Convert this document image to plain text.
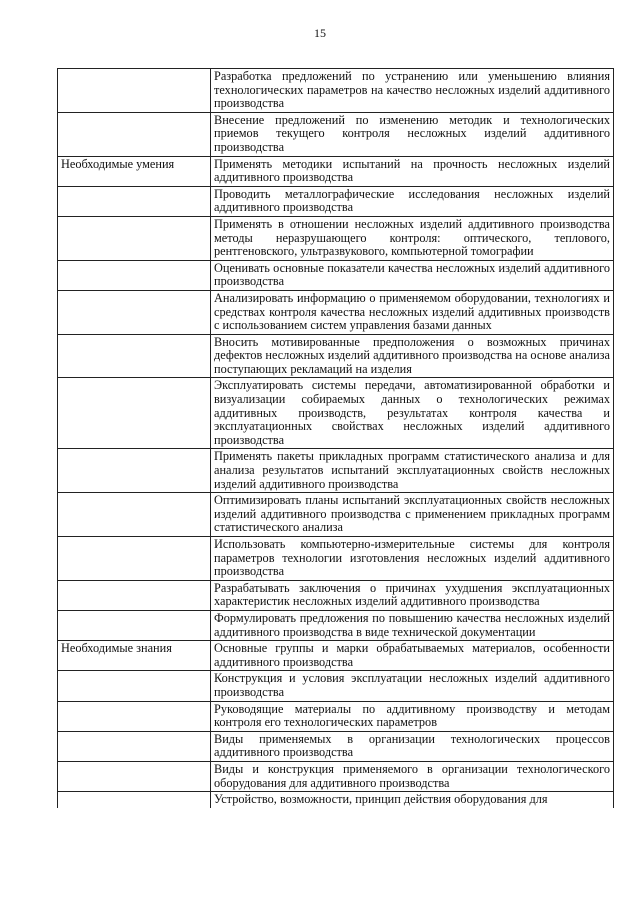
15
	Разработка предложений по устранению или уменьшению влияния технологических параметров на качество несложных изделий аддитивного производства
	Внесение предложений по изменению методик и технологических приемов текущего контроля несложных изделий аддитивного производства
Необходимые умения	Применять методики испытаний на прочность несложных изделий аддитивного производства
	Проводить металлографические исследования несложных изделий аддитивного производства
	Применять в отношении несложных изделий аддитивного производства методы неразрушающего контроля: оптического, теплового, рентгеновского, ультразвукового, компьютерной томографии
	Оценивать основные показатели качества несложных изделий аддитивного производства
	Анализировать информацию о применяемом оборудовании, технологиях и средствах контроля качества несложных изделий аддитивных производств с использованием систем управления базами данных
	Вносить мотивированные предположения о возможных причинах дефектов несложных изделий аддитивного производства на основе анализа поступающих рекламаций на изделия
	Эксплуатировать системы передачи, автоматизированной обработки и визуализации собираемых данных о технологических режимах аддитивных производств, результатах контроля качества и эксплуатационных свойствах несложных изделий аддитивного производства
	Применять пакеты прикладных программ статистического анализа и для анализа результатов испытаний эксплуатационных свойств несложных изделий аддитивного производства
	Оптимизировать планы испытаний эксплуатационных свойств несложных изделий аддитивного производства с применением прикладных программ статистического анализа
	Использовать компьютерно-измерительные системы для контроля параметров технологии изготовления несложных изделий аддитивного производства
	Разрабатывать заключения о причинах ухудшения эксплуатационных характеристик несложных изделий аддитивного производства
	Формулировать предложения по повышению качества несложных изделий аддитивного производства в виде технической документации
Необходимые знания	Основные группы и марки обрабатываемых материалов, особенности аддитивного производства
	Конструкция и условия эксплуатации несложных изделий аддитивного производства
	Руководящие материалы по аддитивному производству и методам контроля его технологических параметров
	Виды применяемых в организации технологических процессов аддитивного производства
	Виды и конструкция применяемого в организации технологического оборудования для аддитивного производства
	Устройство, возможности, принцип действия оборудования для
